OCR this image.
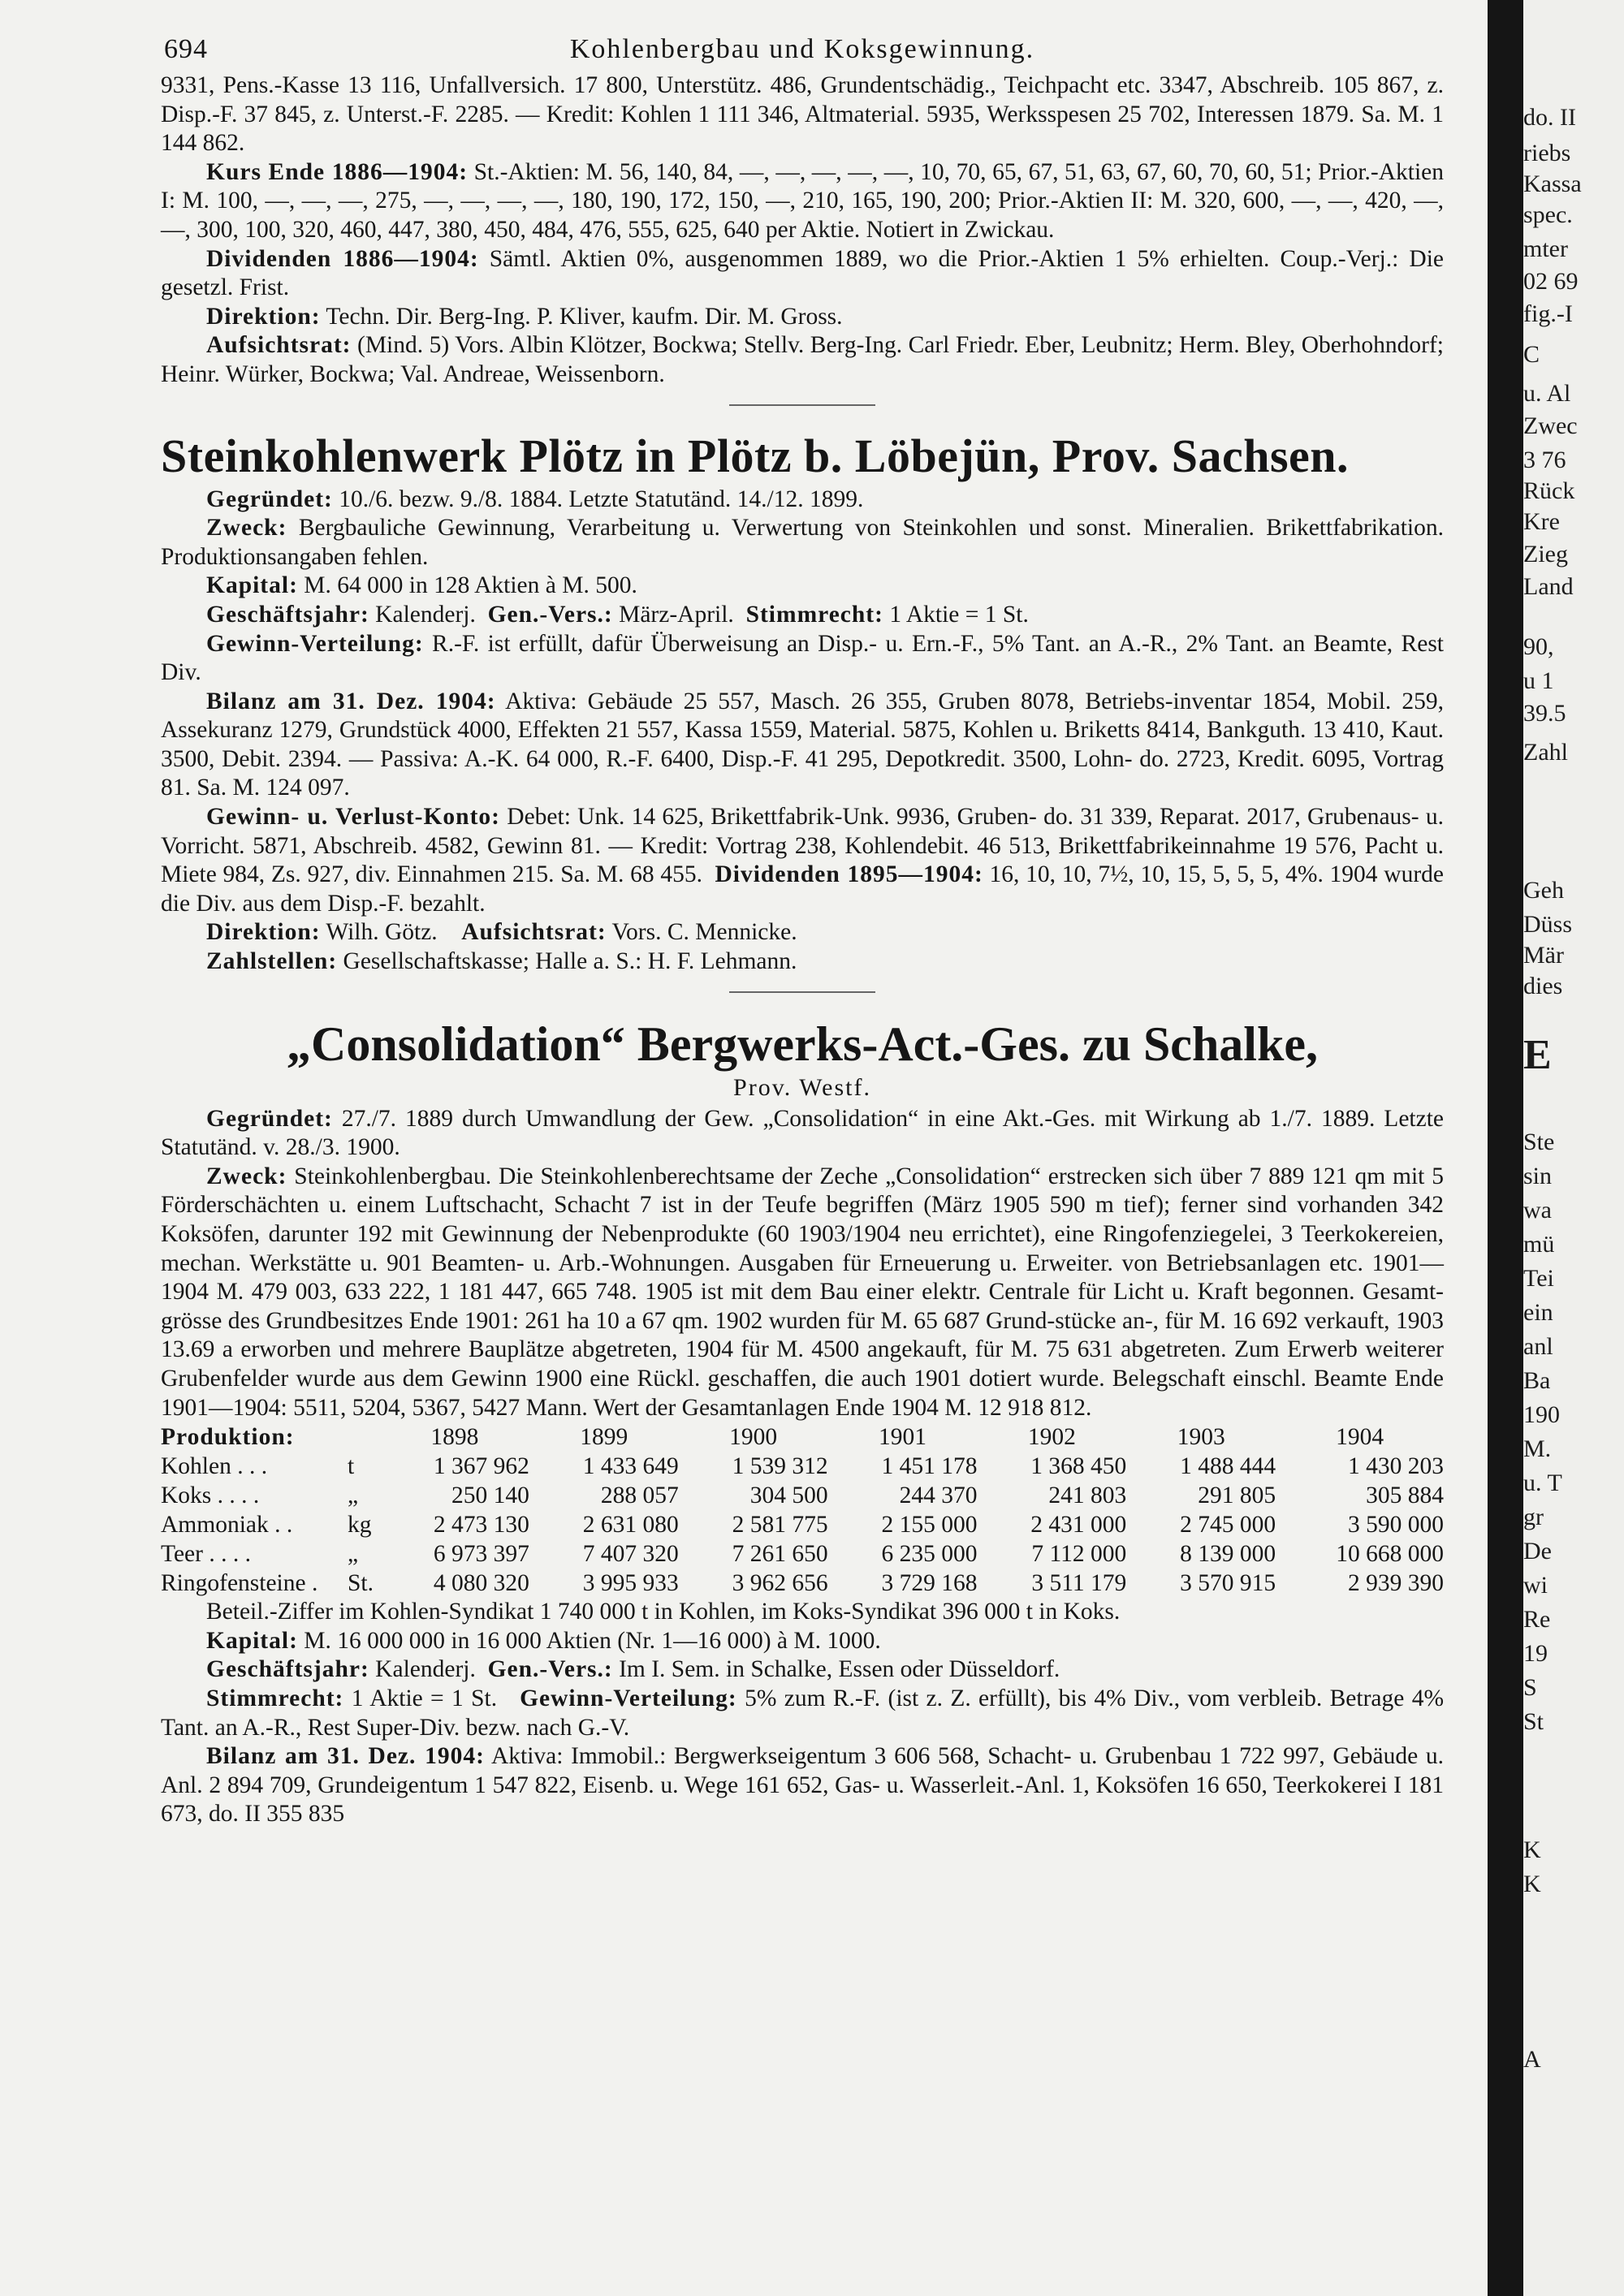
694	Kohlenbergbau und Koksgewinnung.

9331, Pens.-Kasse 13 116, Unfallversich. 17 800, Unterstütz. 486, Grundentschädig., Teichpacht etc. 3347, Abschreib. 105 867, z. Disp.-F. 37 845, z. Unterst.-F. 2285. — Kredit: Kohlen 1 111 346, Altmaterial. 5935, Werksspesen 25 702, Interessen 1879. Sa. M. 1 144 862.

Kurs Ende 1886—1904: St.-Aktien: M. 56, 140, 84, —, —, —, —, —, 10, 70, 65, 67, 51, 63, 67, 60, 70, 60, 51; Prior.-Aktien I: M. 100, —, —, —, 275, —, —, —, —, 180, 190, 172, 150, —, 210, 165, 190, 200; Prior.-Aktien II: M. 320, 600, —, —, 420, —, —, 300, 100, 320, 460, 447, 380, 450, 484, 476, 555, 625, 640 per Aktie. Notiert in Zwickau.

Dividenden 1886—1904: Sämtl. Aktien 0%, ausgenommen 1889, wo die Prior.-Aktien 1 5% erhielten. Coup.-Verj.: Die gesetzl. Frist.

Direktion: Techn. Dir. Berg-Ing. P. Kliver, kaufm. Dir. M. Gross.

Aufsichtsrat: (Mind. 5) Vors. Albin Klötzer, Bockwa; Stellv. Berg-Ing. Carl Friedr. Eber, Leubnitz; Herm. Bley, Oberhohndorf; Heinr. Würker, Bockwa; Val. Andreae, Weissenborn.

Steinkohlenwerk Plötz in Plötz b. Löbejün, Prov. Sachsen.

Gegründet: 10./6. bezw. 9./8. 1884. Letzte Statutänd. 14./12. 1899.

Zweck: Bergbauliche Gewinnung, Verarbeitung u. Verwertung von Steinkohlen und sonst. Mineralien. Brikettfabrikation. Produktionsangaben fehlen.

Kapital: M. 64 000 in 128 Aktien à M. 500.

Geschäftsjahr: Kalenderj. Gen.-Vers.: März-April. Stimmrecht: 1 Aktie = 1 St.

Gewinn-Verteilung: R.-F. ist erfüllt, dafür Überweisung an Disp.- u. Ern.-F., 5% Tant. an A.-R., 2% Tant. an Beamte, Rest Div.

Bilanz am 31. Dez. 1904: Aktiva: Gebäude 25 557, Masch. 26 355, Gruben 8078, Betriebs-inventar 1854, Mobil. 259, Assekuranz 1279, Grundstück 4000, Effekten 21 557, Kassa 1559, Material. 5875, Kohlen u. Briketts 8414, Bankguth. 13 410, Kaut. 3500, Debit. 2394. — Passiva: A.-K. 64 000, R.-F. 6400, Disp.-F. 41 295, Depotkredit. 3500, Lohn- do. 2723, Kredit. 6095, Vortrag 81. Sa. M. 124 097.

Gewinn- u. Verlust-Konto: Debet: Unk. 14 625, Brikettfabrik-Unk. 9936, Gruben- do. 31 339, Reparat. 2017, Grubenaus- u. Vorricht. 5871, Abschreib. 4582, Gewinn 81. — Kredit: Vortrag 238, Kohlendebit. 46 513, Brikettfabrikeinnahme 19 576, Pacht u. Miete 984, Zs. 927, div. Einnahmen 215. Sa. M. 68 455. Dividenden 1895—1904: 16, 10, 10, 7½, 10, 15, 5, 5, 5, 4%. 1904 wurde die Div. aus dem Disp.-F. bezahlt.

Direktion: Wilh. Götz. Aufsichtsrat: Vors. C. Mennicke.

Zahlstellen: Gesellschaftskasse; Halle a. S.: H. F. Lehmann.

„Consolidation“ Bergwerks-Act.-Ges. zu Schalke,
Prov. Westf.

Gegründet: 27./7. 1889 durch Umwandlung der Gew. „Consolidation“ in eine Akt.-Ges. mit Wirkung ab 1./7. 1889. Letzte Statutänd. v. 28./3. 1900.

Zweck: Steinkohlenbergbau. Die Steinkohlenberechtsame der Zeche „Consolidation“ erstrecken sich über 7 889 121 qm mit 5 Förderschächten u. einem Luftschacht, Schacht 7 ist in der Teufe begriffen (März 1905 590 m tief); ferner sind vorhanden 342 Koksöfen, darunter 192 mit Gewinnung der Nebenprodukte (60 1903/1904 neu errichtet), eine Ringofenziegelei, 3 Teerkokereien, mechan. Werkstätte u. 901 Beamten- u. Arb.-Wohnungen. Ausgaben für Erneuerung u. Erweiter. von Betriebsanlagen etc. 1901—1904 M. 479 003, 633 222, 1 181 447, 665 748. 1905 ist mit dem Bau einer elektr. Centrale für Licht u. Kraft begonnen. Gesamt-grösse des Grundbesitzes Ende 1901: 261 ha 10 a 67 qm. 1902 wurden für M. 65 687 Grund-stücke an-, für M. 16 692 verkauft, 1903 13.69 a erworben und mehrere Bauplätze abgetreten, 1904 für M. 4500 angekauft, für M. 75 631 abgetreten. Zum Erwerb weiterer Grubenfelder wurde aus dem Gewinn 1900 eine Rückl. geschaffen, die auch 1901 dotiert wurde. Belegschaft einschl. Beamte Ende 1901—1904: 5511, 5204, 5367, 5427 Mann. Wert der Gesamtanlagen Ende 1904 M. 12 918 812.

Produktion:		1898	1899	1900	1901	1902	1903	1904
Kohlen . . .	t	1 367 962	1 433 649	1 539 312	1 451 178	1 368 450	1 488 444	1 430 203
Koks . . . .	„	250 140	288 057	304 500	244 370	241 803	291 805	305 884
Ammoniak . .	kg	2 473 130	2 631 080	2 581 775	2 155 000	2 431 000	2 745 000	3 590 000
Teer . . . .	„	6 973 397	7 407 320	7 261 650	6 235 000	7 112 000	8 139 000	10 668 000
Ringofensteine .	St.	4 080 320	3 995 933	3 962 656	3 729 168	3 511 179	3 570 915	2 939 390

Beteil.-Ziffer im Kohlen-Syndikat 1 740 000 t in Kohlen, im Koks-Syndikat 396 000 t in Koks.

Kapital: M. 16 000 000 in 16 000 Aktien (Nr. 1—16 000) à M. 1000.

Geschäftsjahr: Kalenderj. Gen.-Vers.: Im I. Sem. in Schalke, Essen oder Düsseldorf.

Stimmrecht: 1 Aktie = 1 St. Gewinn-Verteilung: 5% zum R.-F. (ist z. Z. erfüllt), bis 4% Div., vom verbleib. Betrage 4% Tant. an A.-R., Rest Super-Div. bezw. nach G.-V.

Bilanz am 31. Dez. 1904: Aktiva: Immobil.: Bergwerkseigentum 3 606 568, Schacht- u. Grubenbau 1 722 997, Gebäude u. Anl. 2 894 709, Grundeigentum 1 547 822, Eisenb. u. Wege 161 652, Gas- u. Wasserleit.-Anl. 1, Koksöfen 16 650, Teerkokerei I 181 673, do. II 355 835

do. II
riebs
Kassa
spec.
mter
02 69
fig.-I
C
u. Al
Zwec
3 76
Rück
Kre
Zieg
Land
90,
u 1
39.5
Zahl
Geh
Düss
Mär
dies
E
Ste
sin
wa
mü
Tei
ein
anl
Ba
190
M.
u. T
gr
De
wi
Re
19
S
St
K
K
A
